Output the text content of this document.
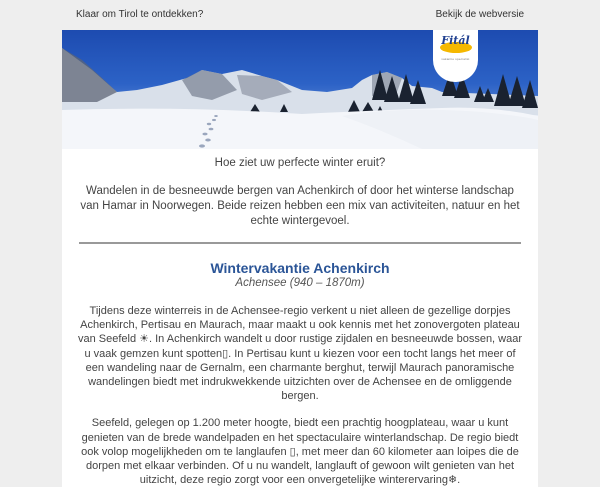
Klaar om Tirol te ontdekken?	Bekijk de webversie
Fitál
vakantie specialist

Hoe ziet uw perfecte winter eruit?

Wandelen in de besneeuwde bergen van Achenkirch of door het winterse landschap van Hamar in Noorwegen. Beide reizen hebben een mix van activiteiten, natuur en het echte wintergevoel.

Wintervakantie Achenkirch

Achensee (940 – 1870m)

Tijdens deze winterreis in de Achensee-regio verkent u niet alleen de gezellige dorpjes Achenkirch, Pertisau en Maurach, maar maakt u ook kennis met het zonovergoten plateau van Seefeld ☀. In Achenkirch wandelt u door rustige zijdalen en besneeuwde bossen, waar u vaak gemzen kunt spotten▯. In Pertisau kunt u kiezen voor een tocht langs het meer of een wandeling naar de Gernalm, een charmante berghut, terwijl Maurach panoramische wandelingen biedt met indrukwekkende uitzichten over de Achensee en de omliggende bergen.

Seefeld, gelegen op 1.200 meter hoogte, biedt een prachtig hoogplateau, waar u kunt genieten van de brede wandelpaden en het spectaculaire winterlandschap. De regio biedt ook volop mogelijkheden om te langlaufen ▯, met meer dan 60 kilometer aan loipes die de dorpen met elkaar verbinden. Of u nu wandelt, langlauft of gewoon wilt genieten van het uitzicht, deze regio zorgt voor een onvergetelijke winterervaring❄.
